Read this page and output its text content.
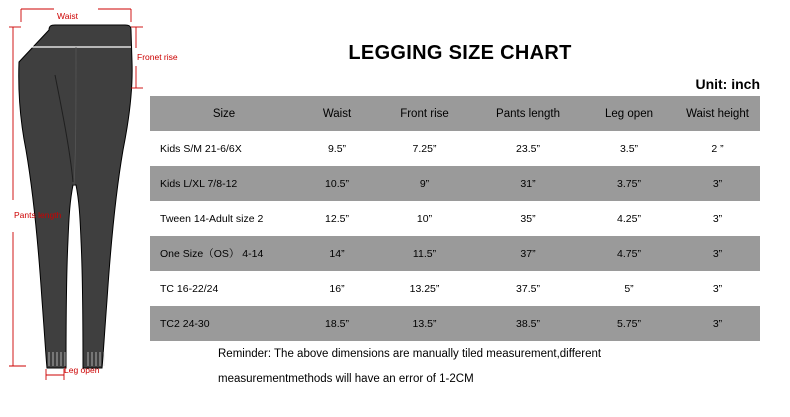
Waist
Fronet rise
Pants length
Leg open
LEGGING SIZE CHART
Unit: inch
Size	Waist	Front rise	Pants length	Leg open	Waist height
Kids S/M 21-6/6X	9.5”	7.25”	23.5”	3.5”	2 ”
Kids L/XL 7/8-12	10.5”	9”	31”	3.75”	3”
Tween 14-Adult size 2	12.5”	10”	35”	4.25”	3”
One Size（OS） 4-14	14”	11.5”	37”	4.75”	3”
TC 16-22/24	16”	13.25”	37.5”	5”	3”
TC2 24-30	18.5”	13.5”	38.5”	5.75”	3”
Reminder: The above dimensions are manually tiled measurement,different
measurementmethods will have an error of 1-2CM
